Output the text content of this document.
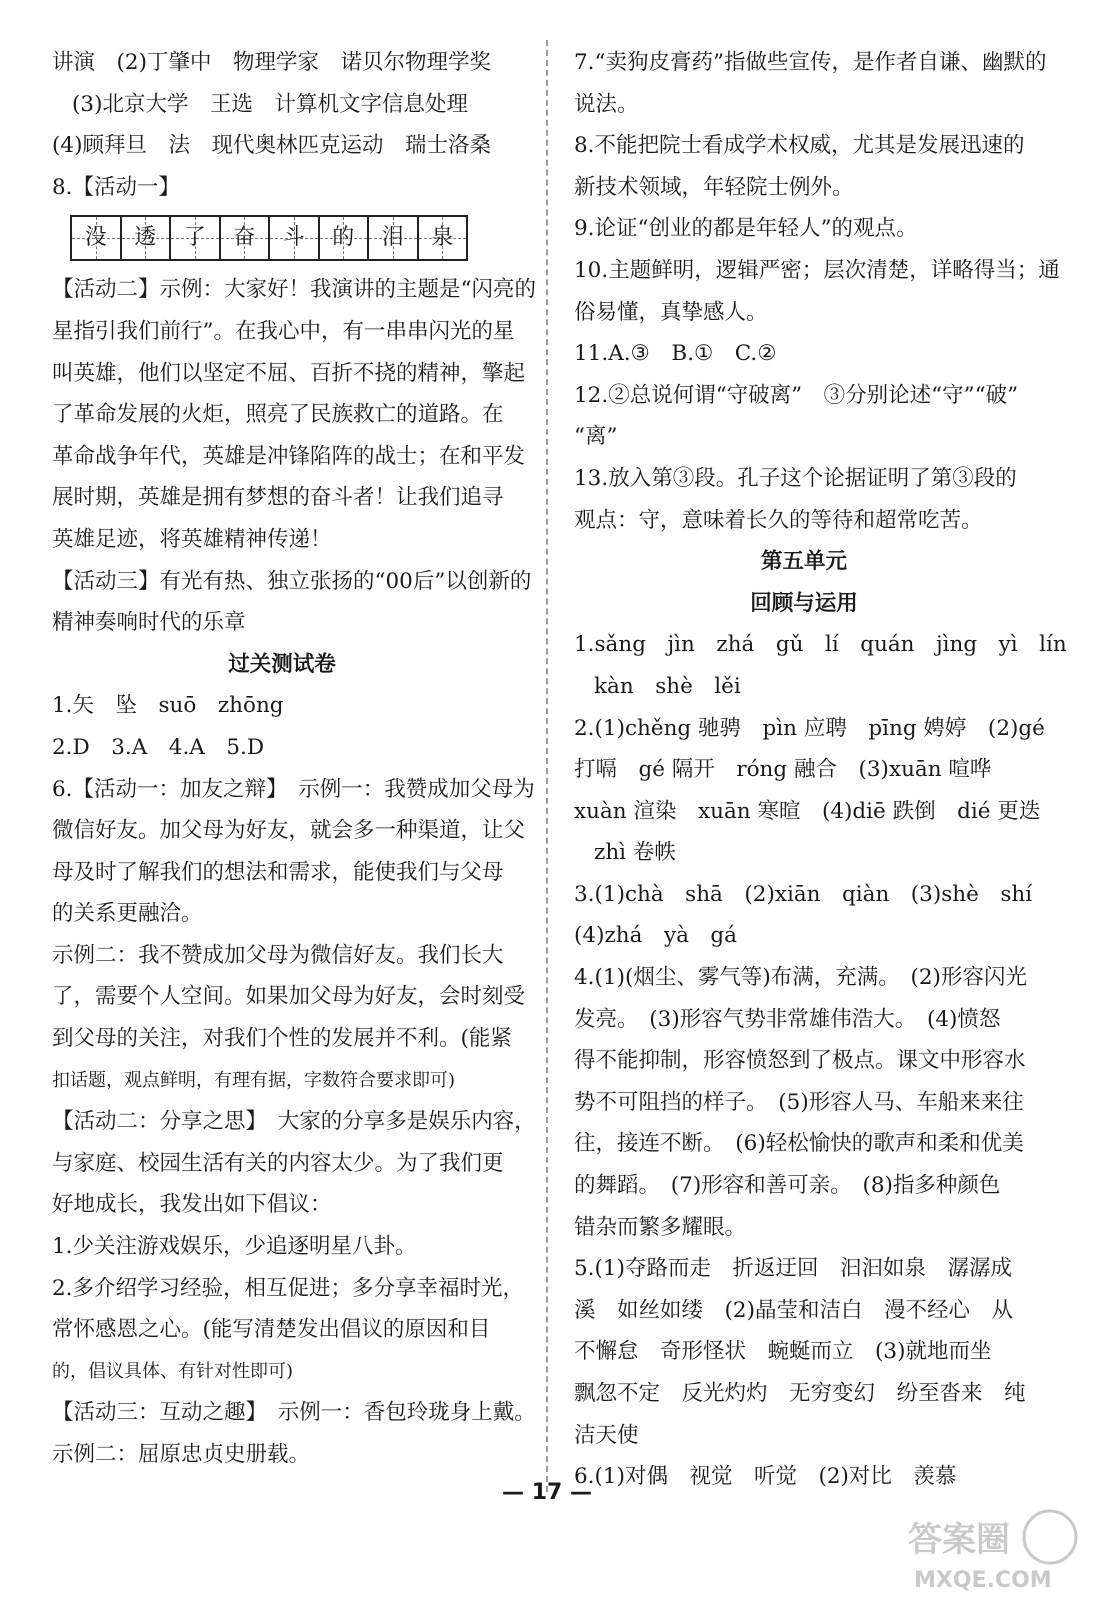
讲演　(2)丁肇中　物理学家　诺贝尔物理学奖

(3)北京大学　王选　计算机文字信息处理

(4)顾拜旦　法　现代奥林匹克运动　瑞士洛桑

8.【活动一】

没 透 了 奋 斗 的 泪 泉

【活动二】示例：大家好！我演讲的主题是“闪亮的

星指引我们前行”。在我心中，有一串串闪光的星

叫英雄，他们以坚定不屈、百折不挠的精神，擎起

了革命发展的火炬，照亮了民族救亡的道路。在

革命战争年代，英雄是冲锋陷阵的战士；在和平发

展时期，英雄是拥有梦想的奋斗者！让我们追寻

英雄足迹，将英雄精神传递！

【活动三】有光有热、独立张扬的“00后”以创新的

精神奏响时代的乐章

过关测试卷

1.矢　坠　suō　zhōng

2.D　3.A　4.A　5.D

6.【活动一：加友之辩】　示例一：我赞成加父母为

微信好友。加父母为好友，就会多一种渠道，让父

母及时了解我们的想法和需求，能使我们与父母

的关系更融洽。

示例二：我不赞成加父母为微信好友。我们长大

了，需要个人空间。如果加父母为好友，会时刻受

到父母的关注，对我们个性的发展并不利。(能紧

扣话题，观点鲜明，有理有据，字数符合要求即可)

【活动二：分享之思】　大家的分享多是娱乐内容，

与家庭、校园生活有关的内容太少。为了我们更

好地成长，我发出如下倡议：

1.少关注游戏娱乐，少追逐明星八卦。

2.多介绍学习经验，相互促进；多分享幸福时光，

常怀感恩之心。(能写清楚发出倡议的原因和目

的，倡议具体、有针对性即可)

【活动三：互动之趣】　示例一：香包玲珑身上戴。

示例二：屈原忠贞史册载。

7.“卖狗皮膏药”指做些宣传，是作者自谦、幽默的

说法。

8.不能把院士看成学术权威，尤其是发展迅速的

新技术领域，年轻院士例外。

9.论证“创业的都是年轻人”的观点。

10.主题鲜明，逻辑严密；层次清楚，详略得当；通

俗易懂，真挚感人。

11.A.③　B.①　C.②

12.②总说何谓“守破离”　③分别论述“守”“破”

“离”

13.放入第③段。孔子这个论据证明了第③段的

观点：守，意味着长久的等待和超常吃苦。

第五单元

回顾与运用

1.sǎng　jìn　zhá　gǔ　lí　quán　jìng　yì　lín

kàn　shè　lěi

2.(1)chěng 驰骋　pìn 应聘　pīng 娉婷　(2)gé

打嗝　gé 隔开　róng 融合　(3)xuān 喧哗

xuàn 渲染　xuān 寒暄　(4)diē 跌倒　dié 更迭

zhì 卷帙

3.(1)chà　shā　(2)xiān　qiàn　(3)shè　shí

(4)zhá　yà　gá

4.(1)(烟尘、雾气等)布满，充满。　(2)形容闪光

发亮。　(3)形容气势非常雄伟浩大。　(4)愤怒

得不能抑制，形容愤怒到了极点。课文中形容水

势不可阻挡的样子。　(5)形容人马、车船来来往

往，接连不断。　(6)轻松愉快的歌声和柔和优美

的舞蹈。　(7)形容和善可亲。　(8)指多种颜色

错杂而繁多耀眼。

5.(1)夺路而走　折返迂回　汩汩如泉　潺潺成

溪　如丝如缕　(2)晶莹和洁白　漫不经心　从

不懈怠　奇形怪状　蜿蜒而立　(3)就地而坐

飘忽不定　反光灼灼　无穷变幻　纷至沓来　纯

洁天使

6.(1)对偶　视觉　听觉　(2)对比　羡慕

— 17 —
答案圈
MXQE.COM
